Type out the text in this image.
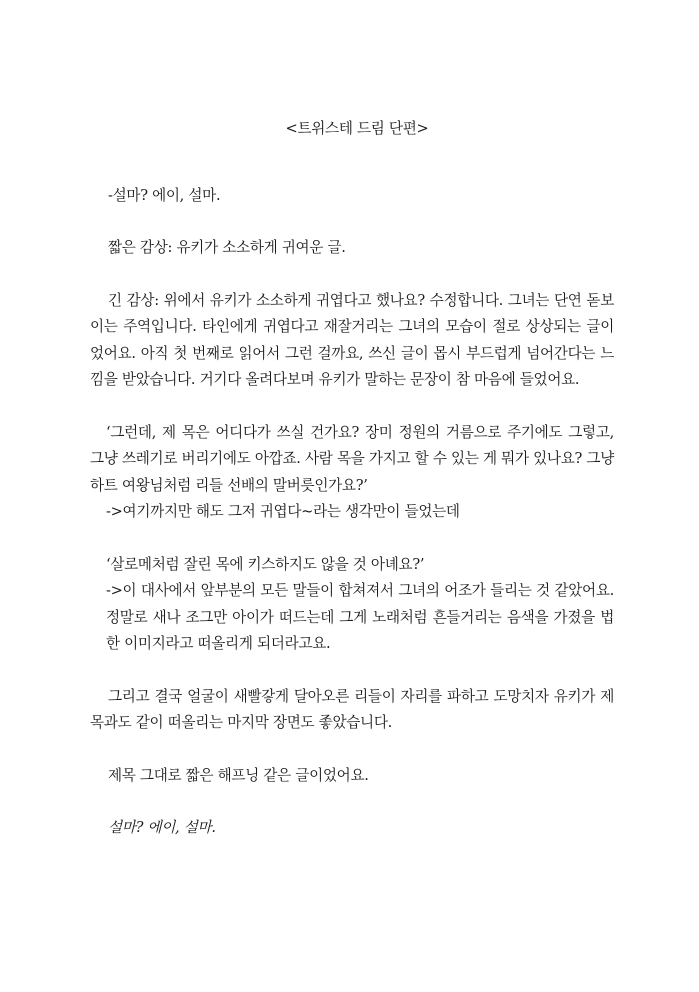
<트위스테 드림 단편>

-설마? 에이, 설마.

짧은 감상: 유키가 소소하게 귀여운 글.

긴 감상: 위에서 유키가 소소하게 귀엽다고 했나요? 수정합니다. 그녀는 단연 돋보이는 주역입니다. 타인에게 귀엽다고 재잘거리는 그녀의 모습이 절로 상상되는 글이었어요. 아직 첫 번째로 읽어서 그런 걸까요, 쓰신 글이 몹시 부드럽게 넘어간다는 느낌을 받았습니다. 거기다 올려다보며 유키가 말하는 문장이 참 마음에 들었어요.

‘그런데, 제 목은 어디다가 쓰실 건가요? 장미 정원의 거름으로 주기에도 그렇고, 그냥 쓰레기로 버리기에도 아깝죠. 사람 목을 가지고 할 수 있는 게 뭐가 있나요? 그냥 하트 여왕님처럼 리들 선배의 말버릇인가요?’

->여기까지만 해도 그저 귀엽다~라는 생각만이 들었는데

‘살로메처럼 잘린 목에 키스하지도 않을 것 아녜요?’

->이 대사에서 앞부분의 모든 말들이 합쳐져서 그녀의 어조가 들리는 것 같았어요. 정말로 새나 조그만 아이가 떠드는데 그게 노래처럼 흔들거리는 음색을 가졌을 법한 이미지라고 떠올리게 되더라고요.

그리고 결국 얼굴이 새빨갛게 달아오른 리들이 자리를 파하고 도망치자 유키가 제목과도 같이 떠올리는 마지막 장면도 좋았습니다.

제목 그대로 짧은 해프닝 같은 글이었어요.

설마? 에이, 설마.
